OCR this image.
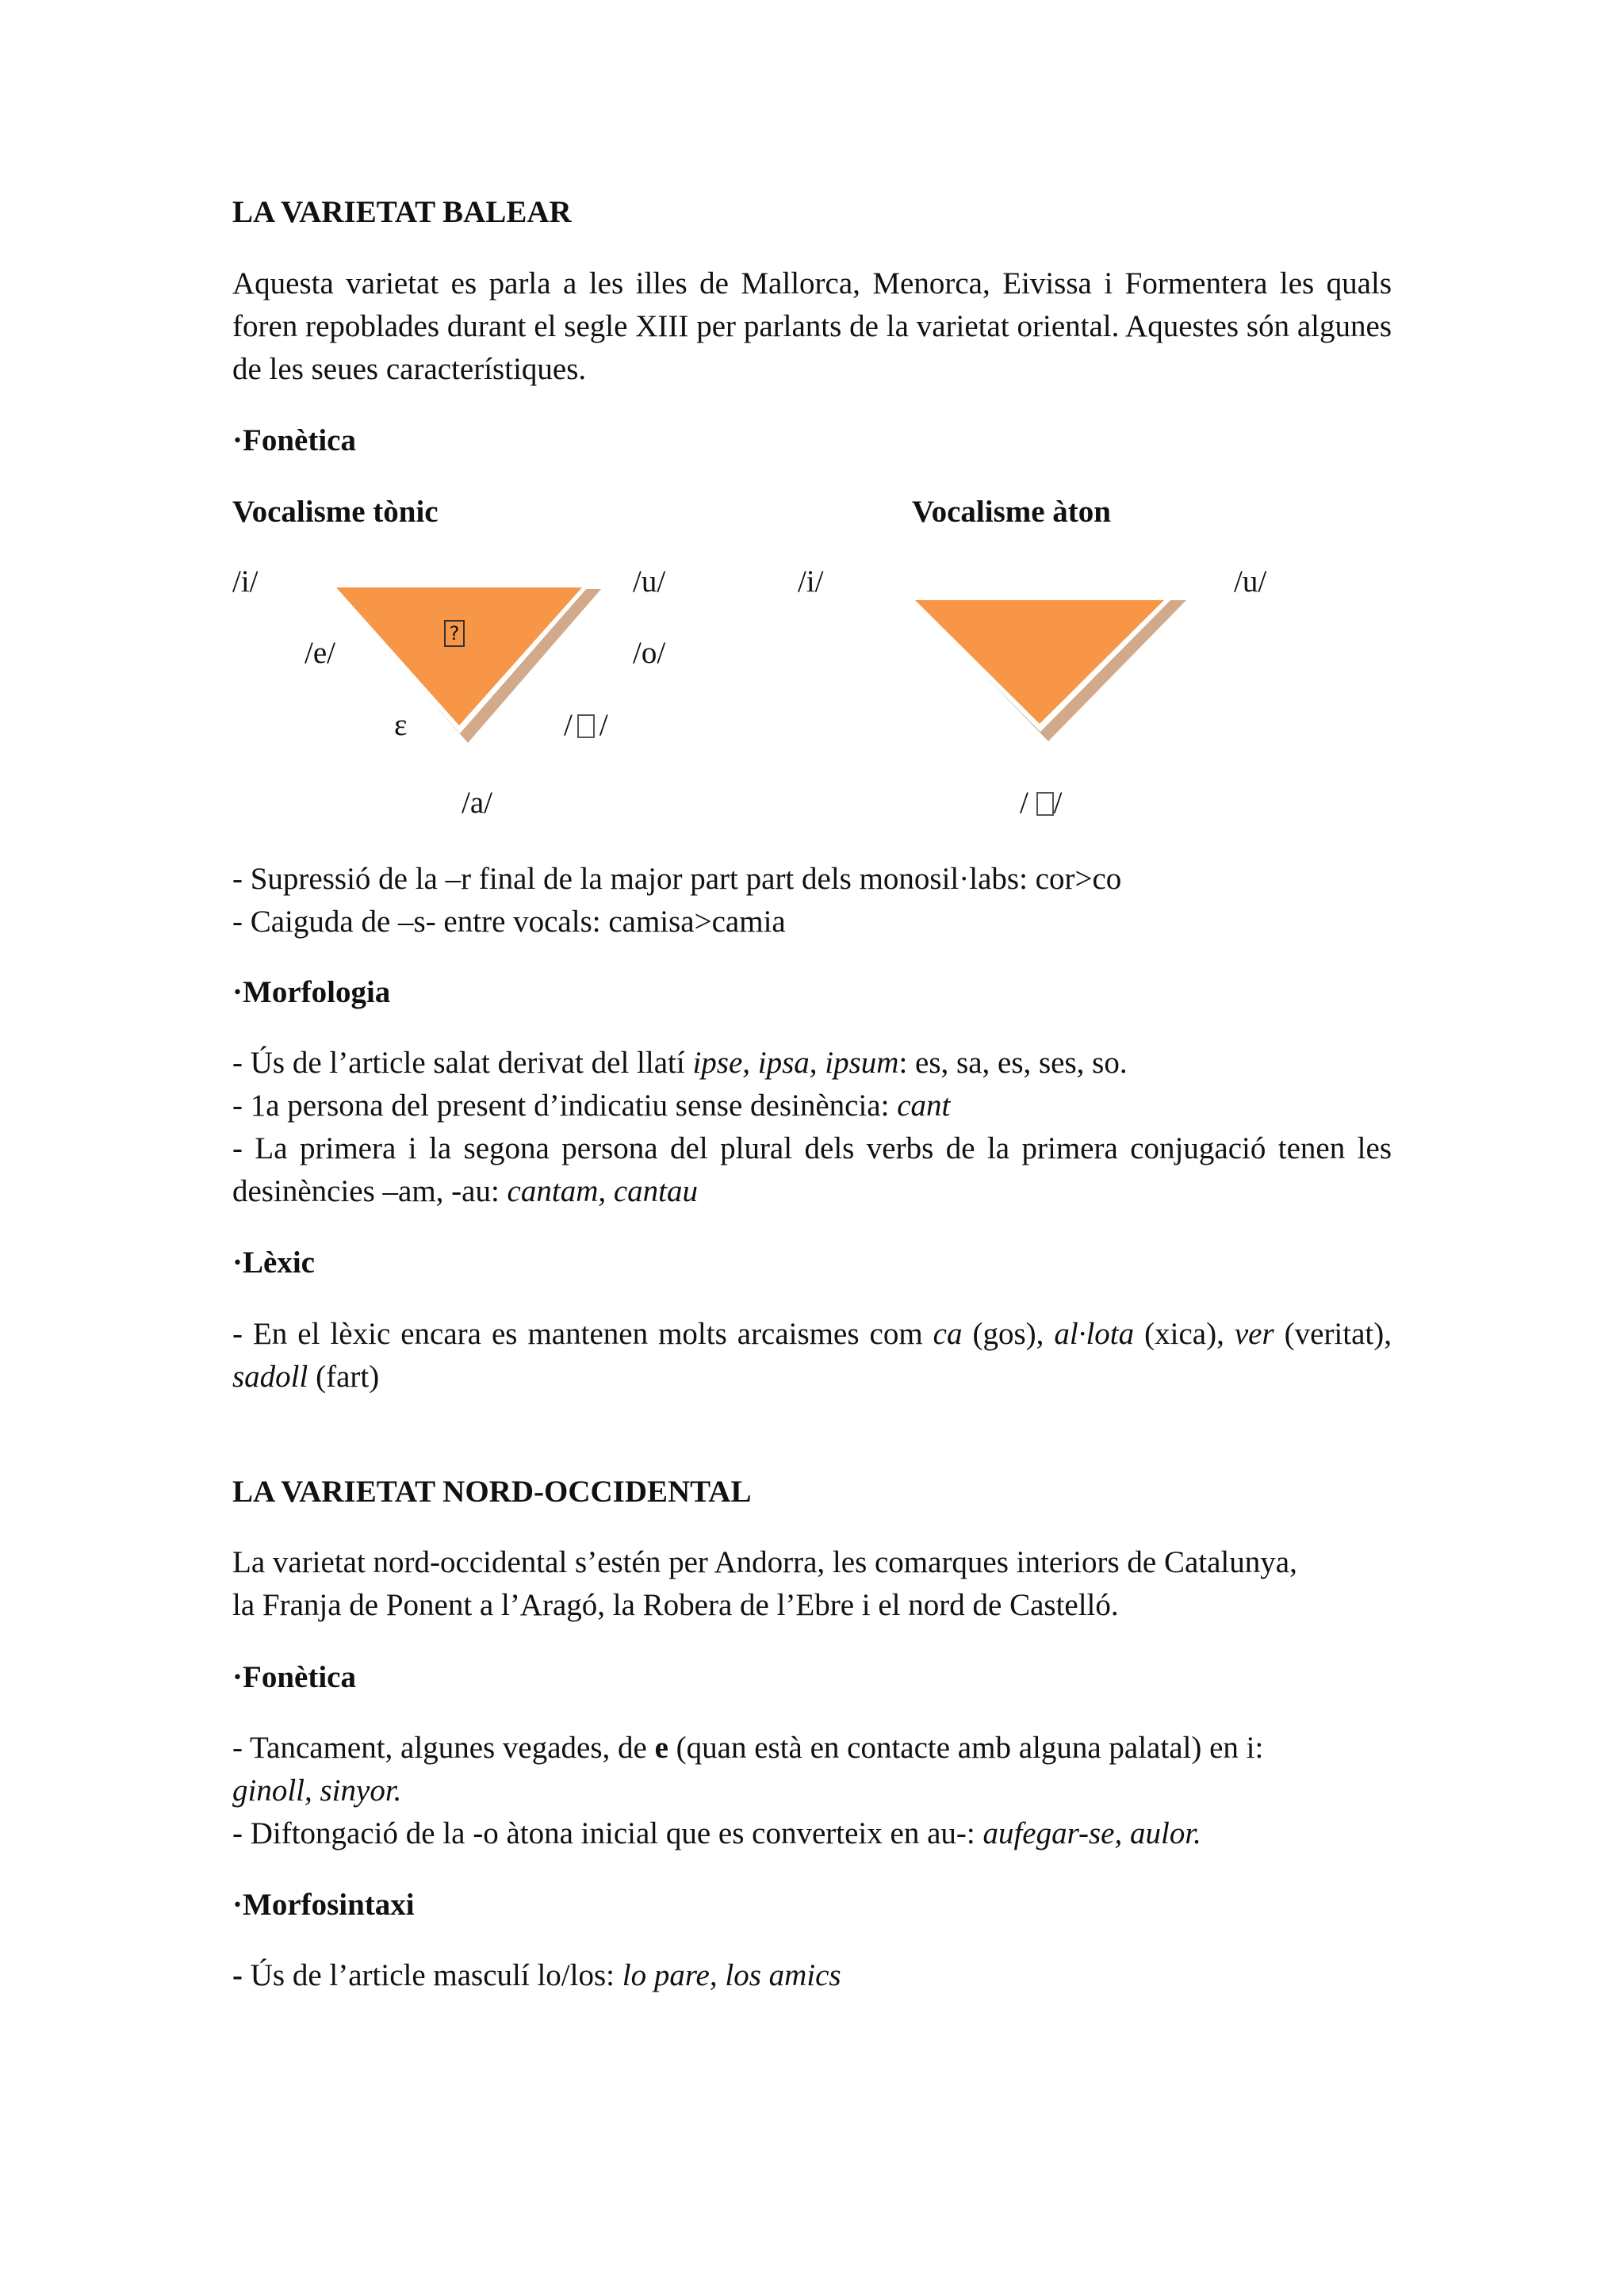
LA VARIETAT BALEAR

Aquesta varietat es parla a les illes de Mallorca, Menorca, Eivissa i Formentera les quals foren repoblades durant el segle XIII per parlants de la varietat oriental. Aquestes són algunes de les seues característiques.

·Fonètica
Vocalisme tònic	Vocalisme àton
/i/	/u/
/e/	/o/
?
ε	/ /
/a/
/i/	/u/
/ /
- Supressió de la –r final de la major part part dels monosil·labs: cor>co
- Caiguda de –s- entre vocals: camisa>camia
·Morfologia
- Ús de l’article salat derivat del llatí ipse, ipsa, ipsum: es, sa, es, ses, so.
- 1a persona del present d’indicatiu sense desinència: cant
- La primera i la segona persona del plural dels verbs de la primera conjugació tenen les desinències –am, -au: cantam, cantau
·Lèxic
- En el lèxic encara es mantenen molts arcaismes com ca (gos), al·lota (xica), ver (veritat), sadoll (fart)
LA VARIETAT NORD-OCCIDENTAL
La varietat nord-occidental s’estén per Andorra, les comarques interiors de Catalunya,
la Franja de Ponent a l’Aragó, la Robera de l’Ebre i el nord de Castelló.
·Fonètica
- Tancament, algunes vegades, de e (quan està en contacte amb alguna palatal) en i:
ginoll, sinyor.
- Diftongació de la -o àtona inicial que es converteix en au-: aufegar-se, aulor.
·Morfosintaxi
- Ús de l’article masculí lo/los: lo pare, los amics
